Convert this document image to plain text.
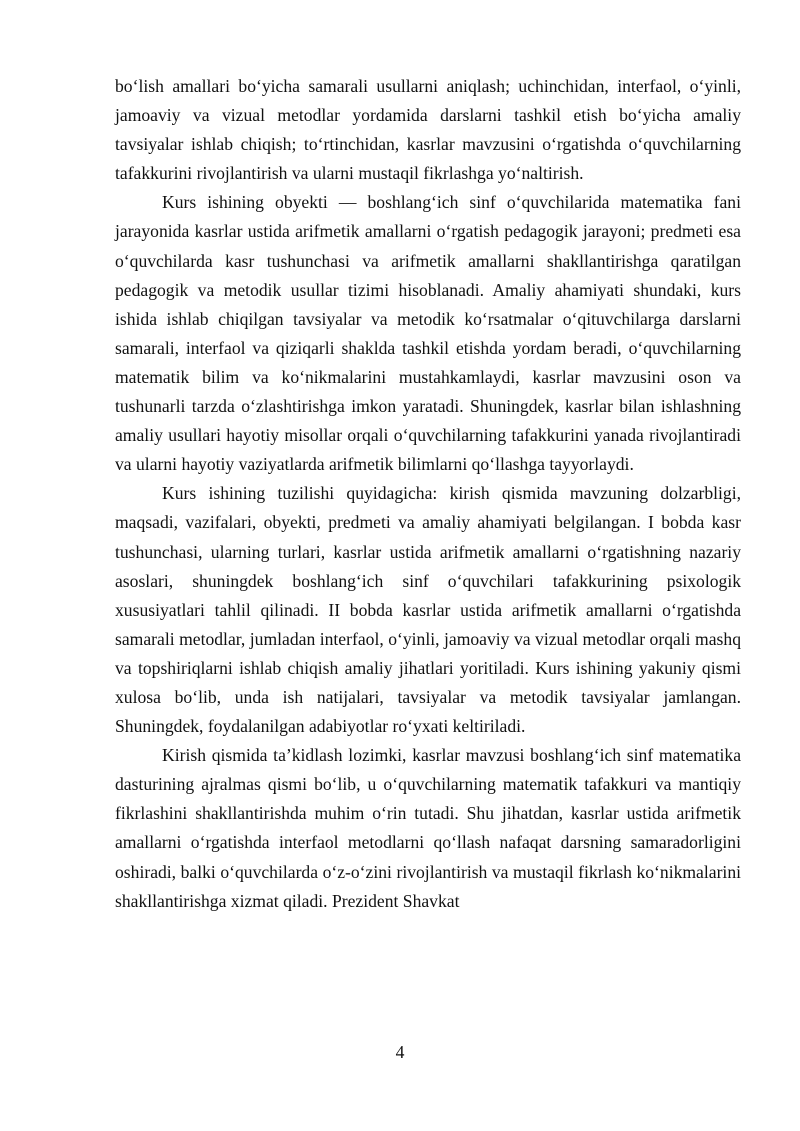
bo‘lish amallari bo‘yicha samarali usullarni aniqlash; uchinchidan, interfaol, o‘yinli, jamoaviy va vizual metodlar yordamida darslarni tashkil etish bo‘yicha amaliy tavsiyalar ishlab chiqish; to‘rtinchidan, kasrlar mavzusini o‘rgatishda o‘quvchilarning tafakkurini rivojlantirish va ularni mustaqil fikrlashga yo‘naltirish.

Kurs ishining obyekti — boshlang‘ich sinf o‘quvchilarida matematika fani jarayonida kasrlar ustida arifmetik amallarni o‘rgatish pedagogik jarayoni; predmeti esa o‘quvchilarda kasr tushunchasi va arifmetik amallarni shakllantirishga qaratilgan pedagogik va metodik usullar tizimi hisoblanadi. Amaliy ahamiyati shundaki, kurs ishida ishlab chiqilgan tavsiyalar va metodik ko‘rsatmalar o‘qituvchilarga darslarni samarali, interfaol va qiziqarli shaklda tashkil etishda yordam beradi, o‘quvchilarning matematik bilim va ko‘nikmalarini mustahkamlaydi, kasrlar mavzusini oson va tushunarli tarzda o‘zlashtirishga imkon yaratadi. Shuningdek, kasrlar bilan ishlashning amaliy usullari hayotiy misollar orqali o‘quvchilarning tafakkurini yanada rivojlantiradi va ularni hayotiy vaziyatlarda arifmetik bilimlarni qo‘llashga tayyorlaydi.

Kurs ishining tuzilishi quyidagicha: kirish qismida mavzuning dolzarbligi, maqsadi, vazifalari, obyekti, predmeti va amaliy ahamiyati belgilangan. I bobda kasr tushunchasi, ularning turlari, kasrlar ustida arifmetik amallarni o‘rgatishning nazariy asoslari, shuningdek boshlang‘ich sinf o‘quvchilari tafakkurining psixologik xususiyatlari tahlil qilinadi. II bobda kasrlar ustida arifmetik amallarni o‘rgatishda samarali metodlar, jumladan interfaol, o‘yinli, jamoaviy va vizual metodlar orqali mashq va topshiriqlarni ishlab chiqish amaliy jihatlari yoritiladi. Kurs ishining yakuniy qismi xulosa bo‘lib, unda ish natijalari, tavsiyalar va metodik tavsiyalar jamlangan. Shuningdek, foydalanilgan adabiyotlar ro‘yxati keltiriladi.

Kirish qismida ta’kidlash lozimki, kasrlar mavzusi boshlang‘ich sinf matematika dasturining ajralmas qismi bo‘lib, u o‘quvchilarning matematik tafakkuri va mantiqiy fikrlashini shakllantirishda muhim o‘rin tutadi. Shu jihatdan, kasrlar ustida arifmetik amallarni o‘rgatishda interfaol metodlarni qo‘llash nafaqat darsning samaradorligini oshiradi, balki o‘quvchilarda o‘z-o‘zini rivojlantirish va mustaqil fikrlash ko‘nikmalarini shakllantirishga xizmat qiladi. Prezident Shavkat

4
